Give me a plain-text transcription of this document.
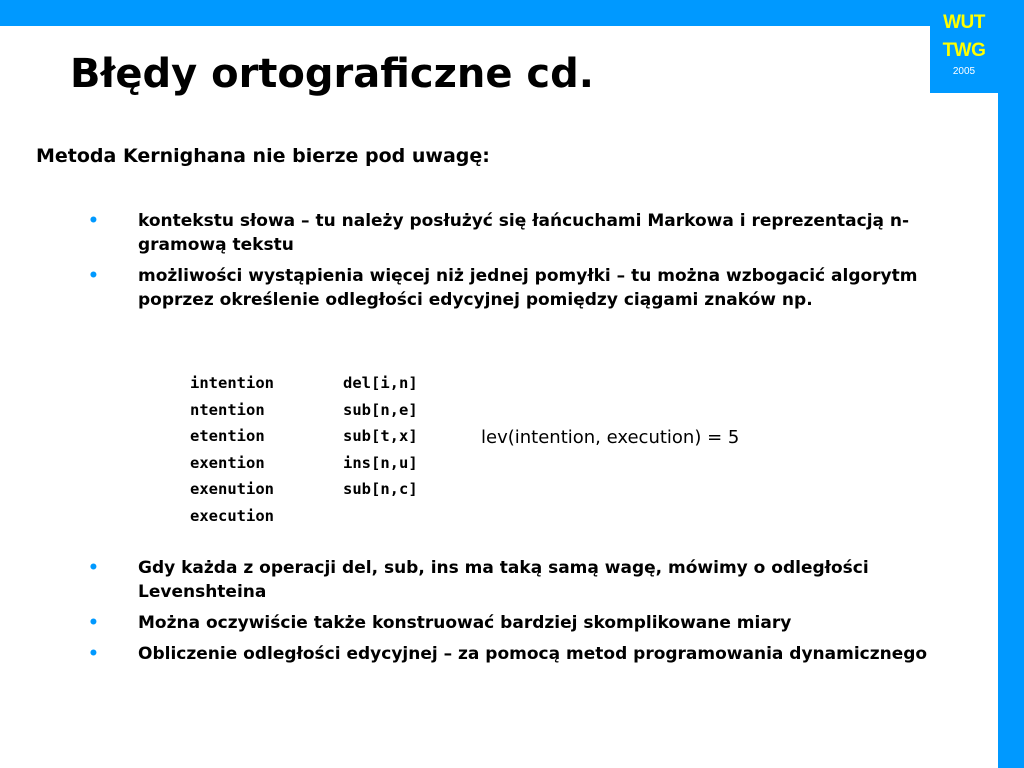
WUT
TWG
2005
Błędy ortograficzne cd.
Metoda Kernighana nie bierze pod uwagę:
• kontekstu słowa – tu należy posłużyć się łańcuchami Markowa i reprezentacją n-gramową tekstu
• możliwości wystąpienia więcej niż jednej pomyłki – tu można wzbogacić algorytm poprzez określenie odległości edycyjnej pomiędzy ciągami znaków np.
intention	del[i,n]
ntention	sub[n,e]
etention	sub[t,x]
exention	ins[n,u]
exenution	sub[n,c]
execution	
lev(intention, execution) = 5
• Gdy każda z operacji del, sub, ins ma taką samą wagę, mówimy o odległości Levenshteina
• Można oczywiście także konstruować bardziej skomplikowane miary
• Obliczenie odległości edycyjnej – za pomocą metod programowania dynamicznego
